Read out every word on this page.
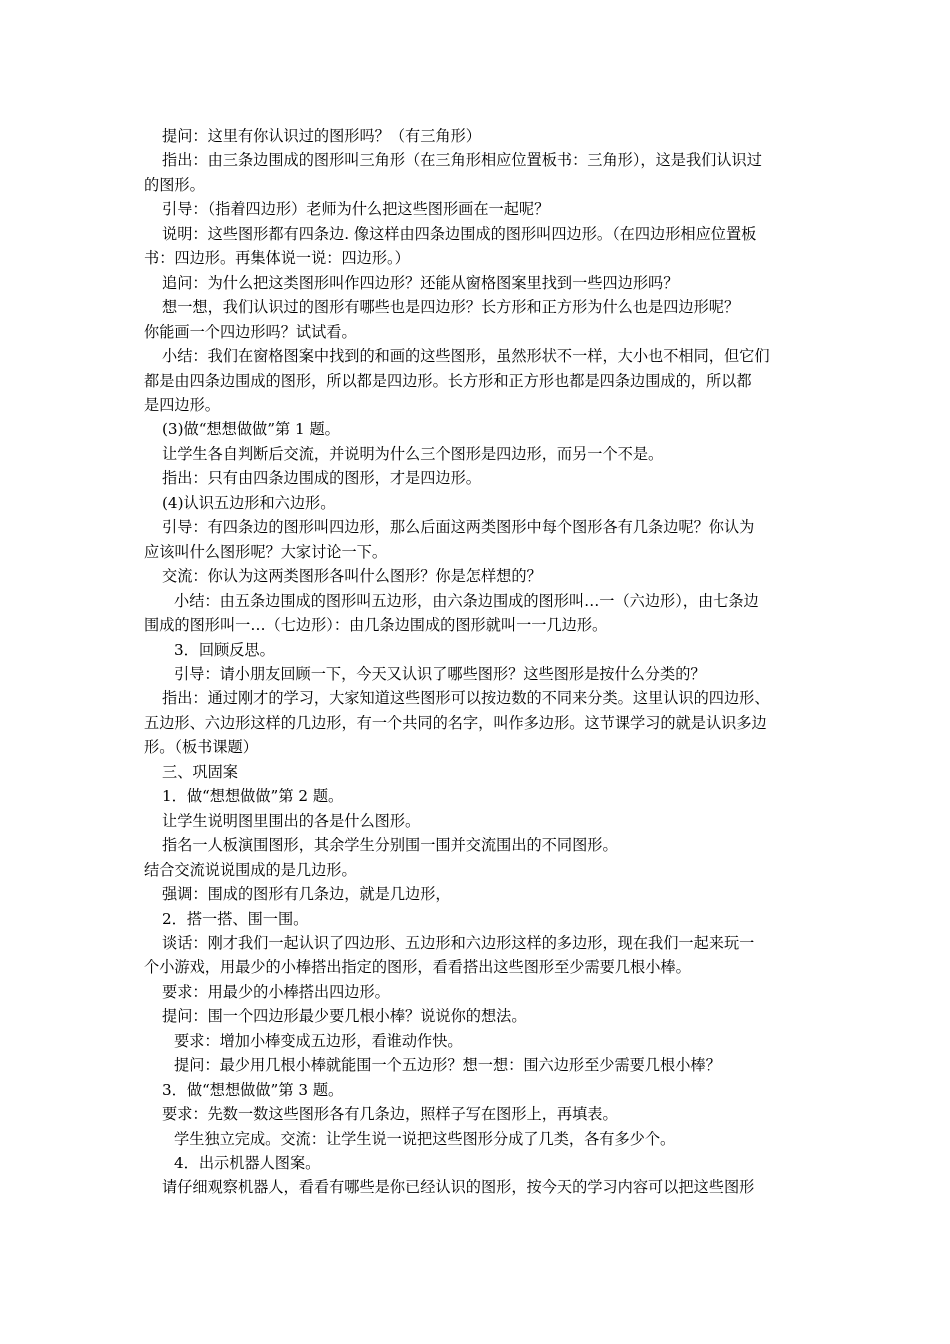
提问：这里有你认识过的图形吗？（有三角形）
指出：由三条边围成的图形叫三角形（在三角形相应位置板书：三角形），这是我们认识过
的图形。
引导：（指着四边形）老师为什么把这些图形画在一起呢？
说明：这些图形都有四条边. 像这样由四条边围成的图形叫四边形。（在四边形相应位置板
书：四边形。再集体说一说：四边形。）
追问：为什么把这类图形叫作四边形？还能从窗格图案里找到一些四边形吗？
想一想，我们认识过的图形有哪些也是四边形？长方形和正方形为什么也是四边形呢？
你能画一个四边形吗？试试看。
小结：我们在窗格图案中找到的和画的这些图形，虽然形状不一样，大小也不相同，但它们
都是由四条边围成的图形，所以都是四边形。长方形和正方形也都是四条边围成的，所以都
是四边形。
(3)做“想想做做”第 1 题。
让学生各自判断后交流，并说明为什么三个图形是四边形，而另一个不是。
指出：只有由四条边围成的图形，才是四边形。
(4)认识五边形和六边形。
引导：有四条边的图形叫四边形，那么后面这两类图形中每个图形各有几条边呢？你认为
应该叫什么图形呢？大家讨论一下。
交流：你认为这两类图形各叫什么图形？你是怎样想的？
小结：由五条边围成的图形叫五边形，由六条边围成的图形叫…一（六边形），由七条边
围成的图形叫一…（七边形）：由几条边围成的图形就叫一一几边形。
3．回顾反思。
引导：请小朋友回顾一下，今天又认识了哪些图形？这些图形是按什么分类的？
指出：通过刚才的学习，大家知道这些图形可以按边数的不同来分类。这里认识的四边形、
五边形、六边形这样的几边形，有一个共同的名字，叫作多边形。这节课学习的就是认识多边
形。（板书课题）
三、巩固案
1．做“想想做做”第 2 题。
让学生说明图里围出的各是什么图形。
指名一人板演围图形，其余学生分别围一围并交流围出的不同图形。
结合交流说说围成的是几边形。
强调：围成的图形有几条边，就是几边形，
2．搭一搭、围一围。
谈话：刚才我们一起认识了四边形、五边形和六边形这样的多边形，现在我们一起来玩一
个小游戏，用最少的小棒搭出指定的图形，看看搭出这些图形至少需要几根小棒。
要求：用最少的小棒搭出四边形。
提问：围一个四边形最少要几根小棒？说说你的想法。
要求：增加小棒变成五边形，看谁动作快。
提问：最少用几根小棒就能围一个五边形？想一想：围六边形至少需要几根小棒？
3．做“想想做做”第 3 题。
要求：先数一数这些图形各有几条边，照样子写在图形上，再填表。
学生独立完成。交流：让学生说一说把这些图形分成了几类，各有多少个。
4．出示机器人图案。
请仔细观察机器人，看看有哪些是你已经认识的图形，按今天的学习内容可以把这些图形
